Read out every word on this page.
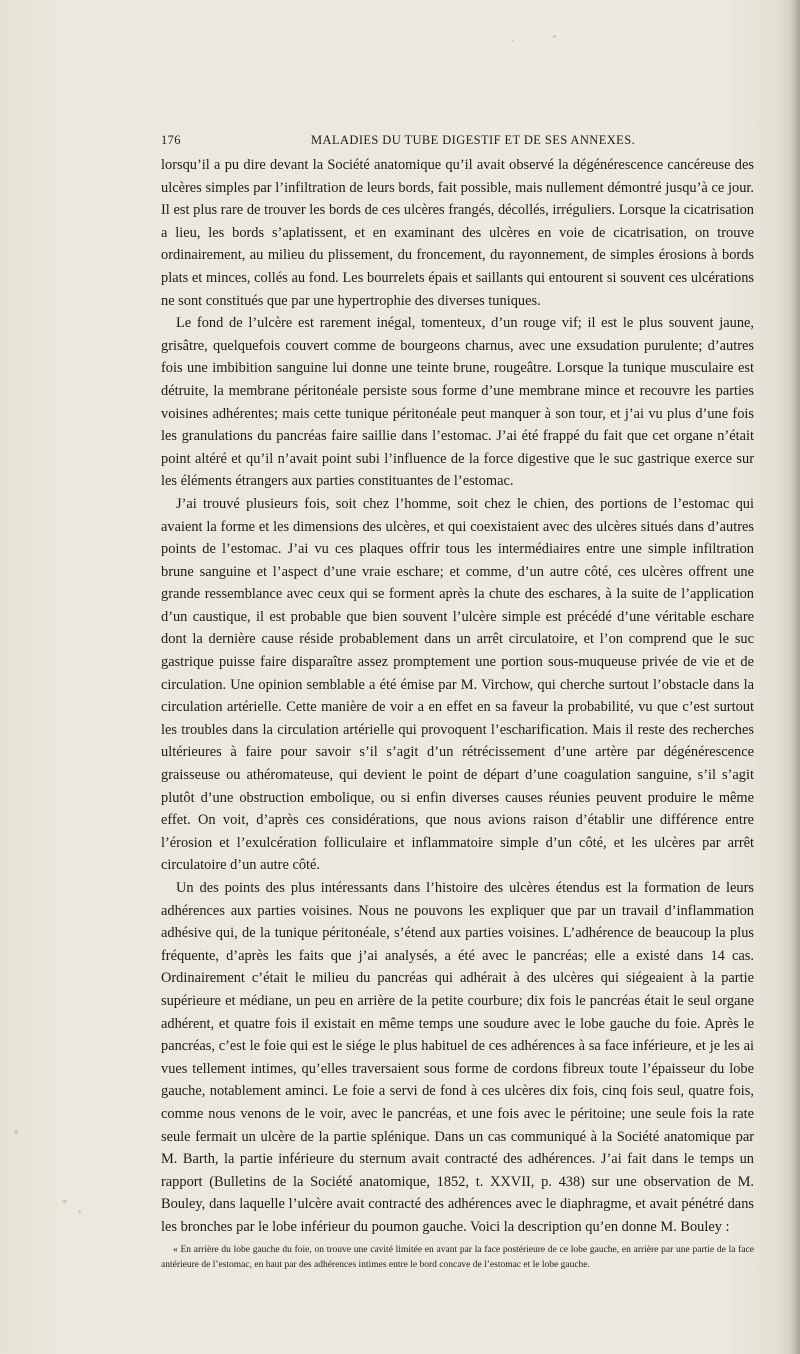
176	MALADIES DU TUBE DIGESTIF ET DE SES ANNEXES.

lorsqu’il a pu dire devant la Société anatomique qu’il avait observé la dégénérescence cancéreuse des ulcères simples par l’infiltration de leurs bords, fait possible, mais nullement démontré jusqu’à ce jour. Il est plus rare de trouver les bords de ces ulcères frangés, décollés, irréguliers. Lorsque la cicatrisation a lieu, les bords s’aplatissent, et en examinant des ulcères en voie de cicatrisation, on trouve ordinairement, au milieu du plissement, du froncement, du rayonnement, de simples érosions à bords plats et minces, collés au fond. Les bourrelets épais et saillants qui entourent si souvent ces ulcérations ne sont constitués que par une hypertrophie des diverses tuniques.

Le fond de l’ulcère est rarement inégal, tomenteux, d’un rouge vif; il est le plus souvent jaune, grisâtre, quelquefois couvert comme de bourgeons charnus, avec une exsudation purulente; d’autres fois une imbibition sanguine lui donne une teinte brune, rougeâtre. Lorsque la tunique musculaire est détruite, la membrane péritonéale persiste sous forme d’une membrane mince et recouvre les parties voisines adhérentes; mais cette tunique péritonéale peut manquer à son tour, et j’ai vu plus d’une fois les granulations du pancréas faire saillie dans l’estomac. J’ai été frappé du fait que cet organe n’était point altéré et qu’il n’avait point subi l’influence de la force digestive que le suc gastrique exerce sur les éléments étrangers aux parties constituantes de l’estomac.

J’ai trouvé plusieurs fois, soit chez l’homme, soit chez le chien, des portions de l’estomac qui avaient la forme et les dimensions des ulcères, et qui coexistaient avec des ulcères situés dans d’autres points de l’estomac. J’ai vu ces plaques offrir tous les intermédiaires entre une simple infiltration brune sanguine et l’aspect d’une vraie eschare; et comme, d’un autre côté, ces ulcères offrent une grande ressemblance avec ceux qui se forment après la chute des eschares, à la suite de l’application d’un caustique, il est probable que bien souvent l’ulcère simple est précédé d’une véritable eschare dont la dernière cause réside probablement dans un arrêt circulatoire, et l’on comprend que le suc gastrique puisse faire disparaître assez promptement une portion sous-muqueuse privée de vie et de circulation. Une opinion semblable a été émise par M. Virchow, qui cherche surtout l’obstacle dans la circulation artérielle. Cette manière de voir a en effet en sa faveur la probabilité, vu que c’est surtout les troubles dans la circulation artérielle qui provoquent l’escharification. Mais il reste des recherches ultérieures à faire pour savoir s’il s’agit d’un rétrécissement d’une artère par dégénérescence graisseuse ou athéromateuse, qui devient le point de départ d’une coagulation sanguine, s’il s’agit plutôt d’une obstruction embolique, ou si enfin diverses causes réunies peuvent produire le même effet. On voit, d’après ces considérations, que nous avions raison d’établir une différence entre l’érosion et l’exulcération folliculaire et inflammatoire simple d’un côté, et les ulcères par arrêt circulatoire d’un autre côté.

Un des points des plus intéressants dans l’histoire des ulcères étendus est la formation de leurs adhérences aux parties voisines. Nous ne pouvons les expliquer que par un travail d’inflammation adhésive qui, de la tunique péritonéale, s’étend aux parties voisines. L’adhérence de beaucoup la plus fréquente, d’après les faits que j’ai analysés, a été avec le pancréas; elle a existé dans 14 cas. Ordinairement c’était le milieu du pancréas qui adhérait à des ulcères qui siégeaient à la partie supérieure et médiane, un peu en arrière de la petite courbure; dix fois le pancréas était le seul organe adhérent, et quatre fois il existait en même temps une soudure avec le lobe gauche du foie. Après le pancréas, c’est le foie qui est le siége le plus habituel de ces adhérences à sa face inférieure, et je les ai vues tellement intimes, qu’elles traversaient sous forme de cordons fibreux toute l’épaisseur du lobe gauche, notablement aminci. Le foie a servi de fond à ces ulcères dix fois, cinq fois seul, quatre fois, comme nous venons de le voir, avec le pancréas, et une fois avec le péritoine; une seule fois la rate seule fermait un ulcère de la partie splénique. Dans un cas communiqué à la Société anatomique par M. Barth, la partie inférieure du sternum avait contracté des adhérences. J’ai fait dans le temps un rapport (Bulletins de la Société anatomique, 1852, t. XXVII, p. 438) sur une observation de M. Bouley, dans laquelle l’ulcère avait contracté des adhérences avec le diaphragme, et avait pénétré dans les bronches par le lobe inférieur du poumon gauche. Voici la description qu’en donne M. Bouley :

« En arrière du lobe gauche du foie, on trouve une cavité limitée en avant par la face postérieure de ce lobe gauche, en arrière par une partie de la face antérieure de l’estomac, en haut par des adhérences intimes entre le bord concave de l’estomac et le lobe gauche.
